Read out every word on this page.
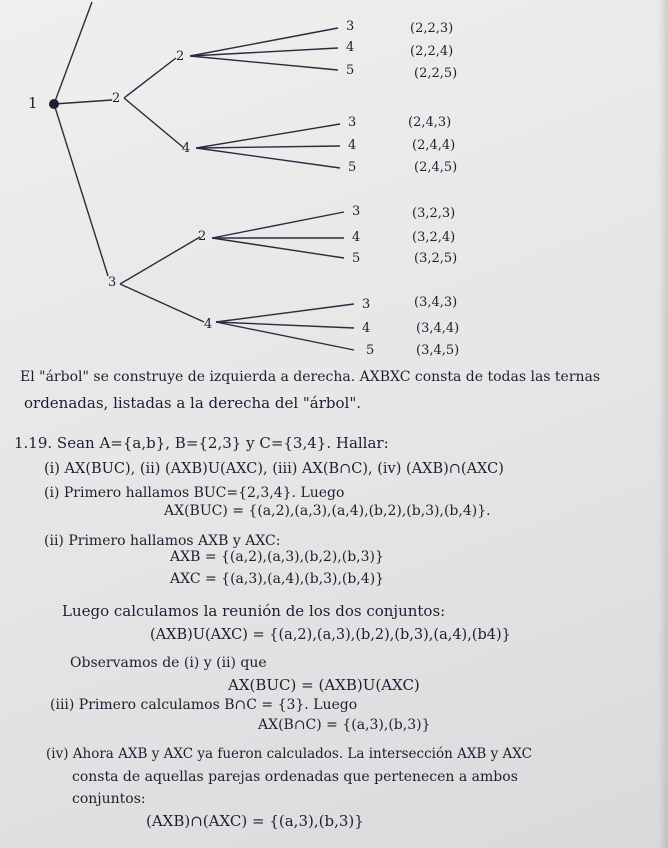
1	2
3
2
4
2
4
3
4
5
3
4
5
3
4
5
3
4
5
(2,2,3)
(2,2,4)
(2,2,5)
(2,4,3)
(2,4,4)
(2,4,5)
(3,2,3)
(3,2,4)
(3,2,5)
(3,4,3)
(3,4,4)
(3,4,5)
El "árbol" se construye de izquierda a derecha. AXBXC consta de todas las ternas
ordenadas, listadas a la derecha del "árbol".
1.19. Sean A={a,b}, B={2,3} y C={3,4}. Hallar:
(i) AX(BUC), (ii) (AXB)U(AXC), (iii) AX(B∩C), (iv) (AXB)∩(AXC)
(i) Primero hallamos BUC={2,3,4}. Luego
AX(BUC) = {(a,2),(a,3),(a,4),(b,2),(b,3),(b,4)}.
(ii) Primero hallamos AXB y AXC:
AXB = {(a,2),(a,3),(b,2),(b,3)}
AXC = {(a,3),(a,4),(b,3),(b,4)}
Luego calculamos la reunión de los dos conjuntos:
(AXB)U(AXC) = {(a,2),(a,3),(b,2),(b,3),(a,4),(b4)}
Observamos de (i) y (ii) que
AX(BUC) = (AXB)U(AXC)
(iii) Primero calculamos B∩C = {3}. Luego
AX(B∩C) = {(a,3),(b,3)}
(iv) Ahora AXB y AXC ya fueron calculados. La intersección AXB y AXC
consta de aquellas parejas ordenadas que pertenecen a ambos
conjuntos:
(AXB)∩(AXC) = {(a,3),(b,3)}
